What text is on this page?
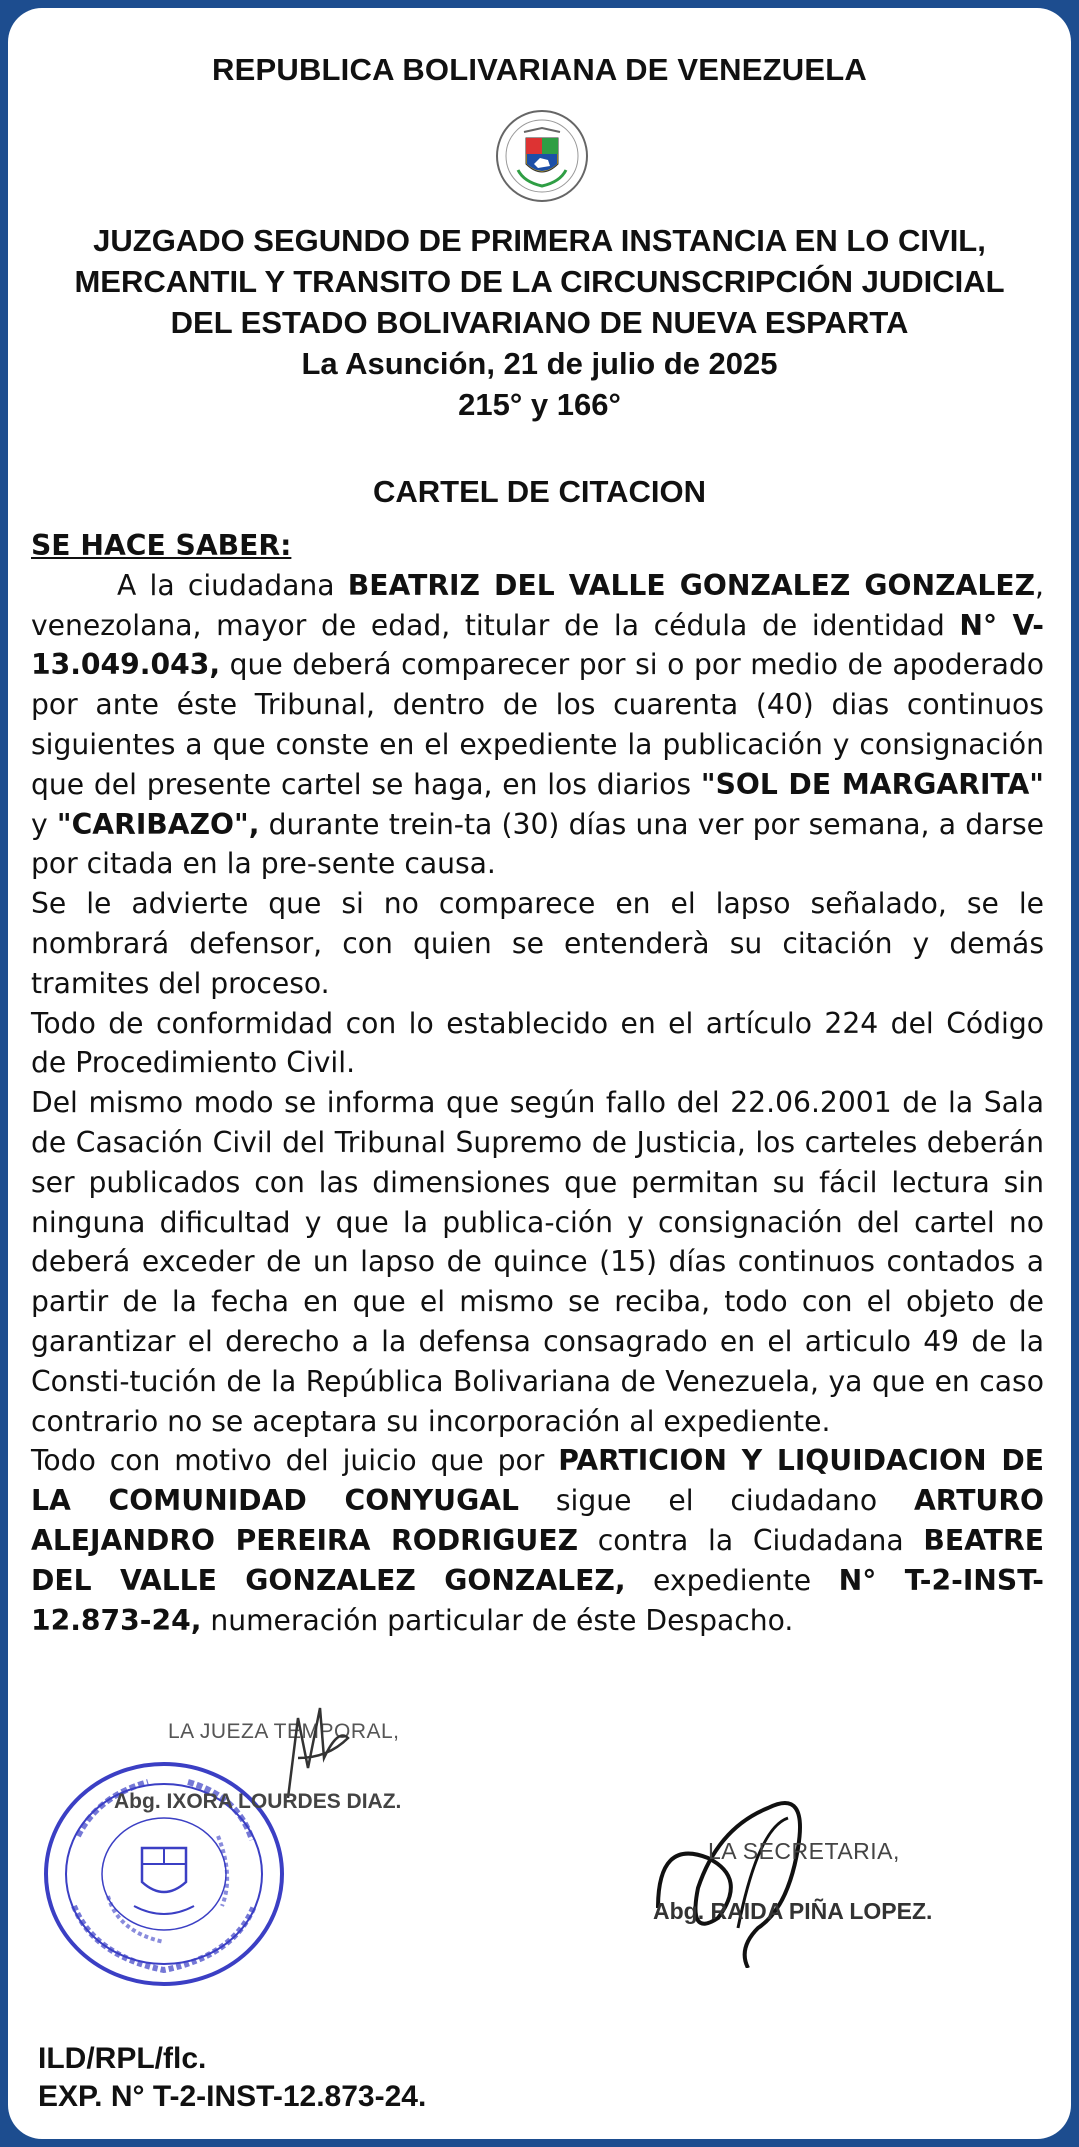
REPUBLICA BOLIVARIANA DE VENEZUELA
JUZGADO SEGUNDO DE PRIMERA INSTANCIA EN LO CIVIL,
MERCANTIL Y TRANSITO DE LA CIRCUNSCRIPCIÓN JUDICIAL
DEL ESTADO BOLIVARIANO DE NUEVA ESPARTA
La Asunción, 21 de julio de 2025
215° y 166°
CARTEL DE CITACION
SE HACE SABER:

A la ciudadana BEATRIZ DEL VALLE GONZALEZ GONZALEZ, venezolana, mayor de edad, titular de la cédula de identidad N° V-13.049.043, que deberá comparecer por si o por medio de apoderado por ante éste Tribunal, dentro de los cuarenta (40) dias continuos siguientes a que conste en el expediente la publicación y consignación que del presente cartel se haga, en los diarios "SOL DE MARGARITA" y "CARIBAZO", durante trein-ta (30) días una ver por semana, a darse por citada en la pre-sente causa.

Se le advierte que si no comparece en el lapso señalado, se le nombrará defensor, con quien se entenderà su citación y demás tramites del proceso.

Todo de conformidad con lo establecido en el artículo 224 del Código de Procedimiento Civil.

Del mismo modo se informa que según fallo del 22.06.2001 de la Sala de Casación Civil del Tribunal Supremo de Justicia, los carteles deberán ser publicados con las dimensiones que permitan su fácil lectura sin ninguna dificultad y que la publica-ción y consignación del cartel no deberá exceder de un lapso de quince (15) días continuos contados a partir de la fecha en que el mismo se reciba, todo con el objeto de garantizar el derecho a la defensa consagrado en el articulo 49 de la Consti-tución de la República Bolivariana de Venezuela, ya que en caso contrario no se aceptara su incorporación al expediente.

Todo con motivo del juicio que por PARTICION Y LIQUIDACION DE LA COMUNIDAD CONYUGAL sigue el ciudadano ARTURO ALEJANDRO PEREIRA RODRIGUEZ contra la Ciudadana BEATRE DEL VALLE GONZALEZ GONZALEZ, expediente N° T-2-INST-12.873-24, numeración particular de éste Despacho.

LA JUEZA TEMPORAL,
Abg. IXORA LOURDES DIAZ.
LA SECRETARIA,
Abg. RAIDA PIÑA LOPEZ.
ILD/RPL/flc.
EXP. N° T-2-INST-12.873-24.
